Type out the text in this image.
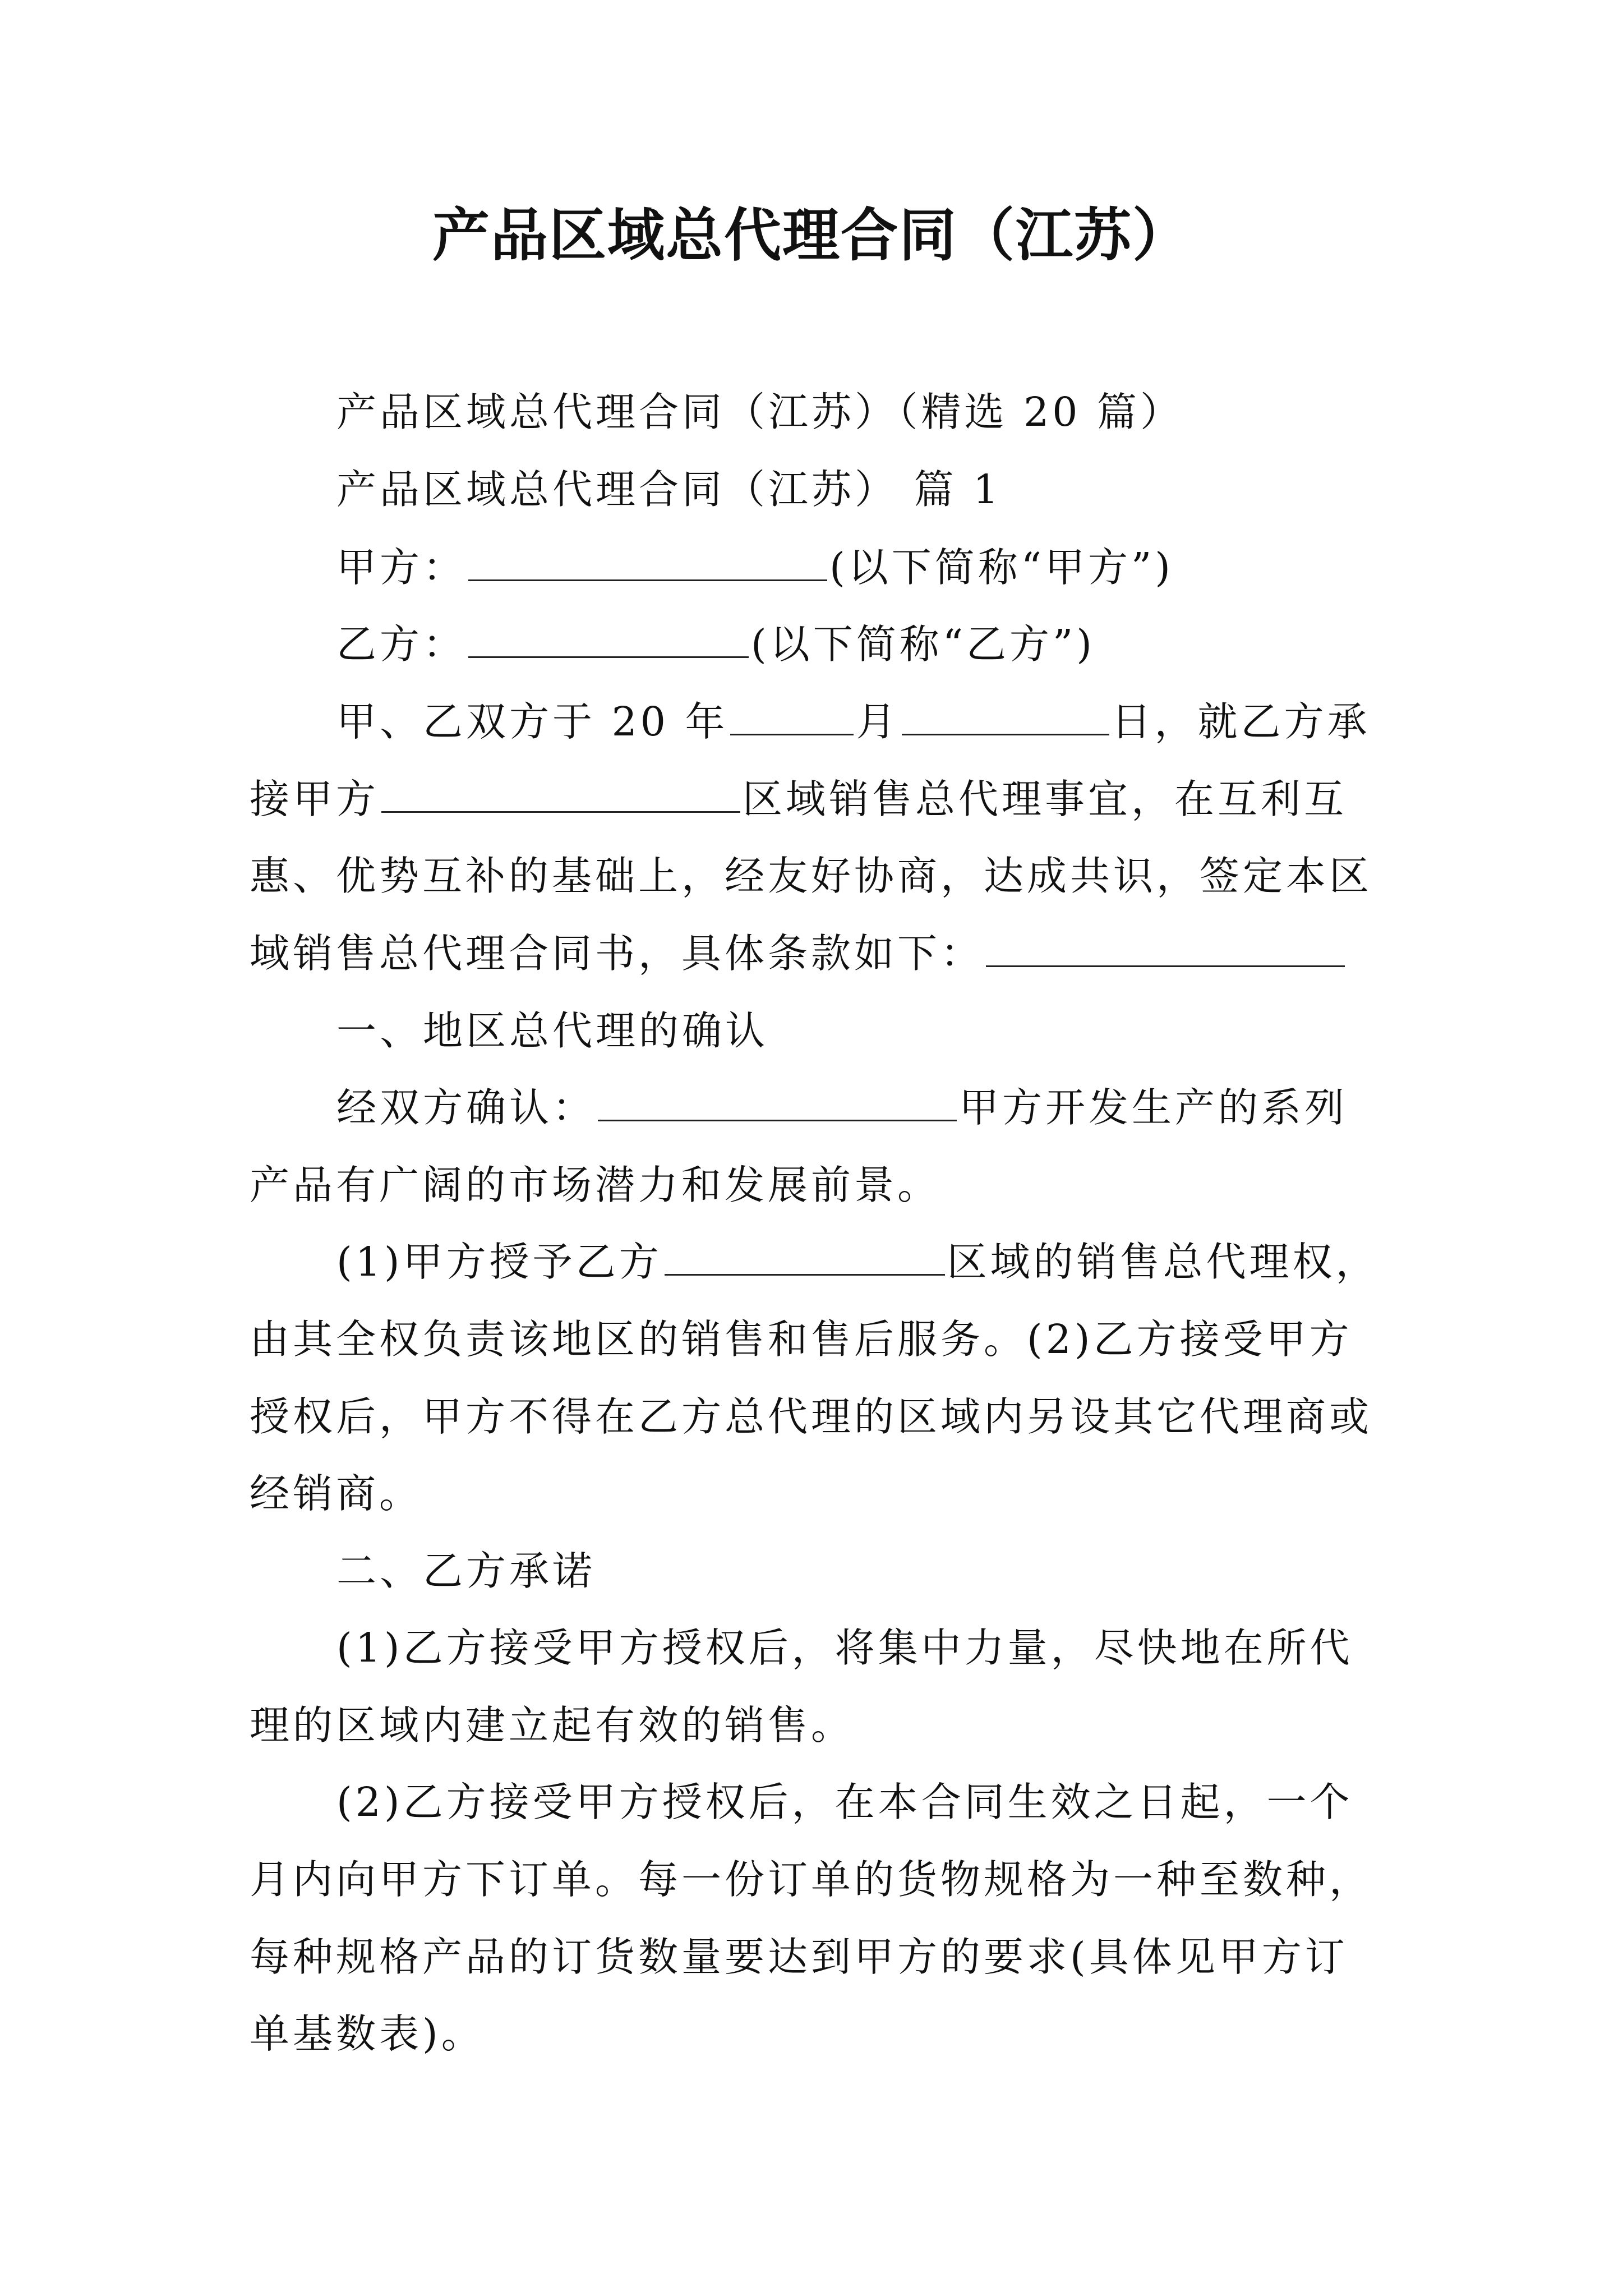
产品区域总代理合同（江苏）

产品区域总代理合同（江苏）（精选 20 篇）

产品区域总代理合同（江苏） 篇 1

甲方：	(以下简称“甲方”)

乙方：	(以下简称“乙方”)

甲、乙双方于 20 年	月	日，就乙方承

接甲方	区域销售总代理事宜，在互利互

惠、优势互补的基础上，经友好协商，达成共识，签定本区

域销售总代理合同书，具体条款如下：

一、地区总代理的确认

经双方确认：	甲方开发生产的系列

产品有广阔的市场潜力和发展前景。

(1)甲方授予乙方	区域的销售总代理权，

由其全权负责该地区的销售和售后服务。(2)乙方接受甲方

授权后，甲方不得在乙方总代理的区域内另设其它代理商或

经销商。

二、乙方承诺

(1)乙方接受甲方授权后，将集中力量，尽快地在所代

理的区域内建立起有效的销售。

(2)乙方接受甲方授权后，在本合同生效之日起，一个

月内向甲方下订单。每一份订单的货物规格为一种至数种，

每种规格产品的订货数量要达到甲方的要求(具体见甲方订

单基数表)。
